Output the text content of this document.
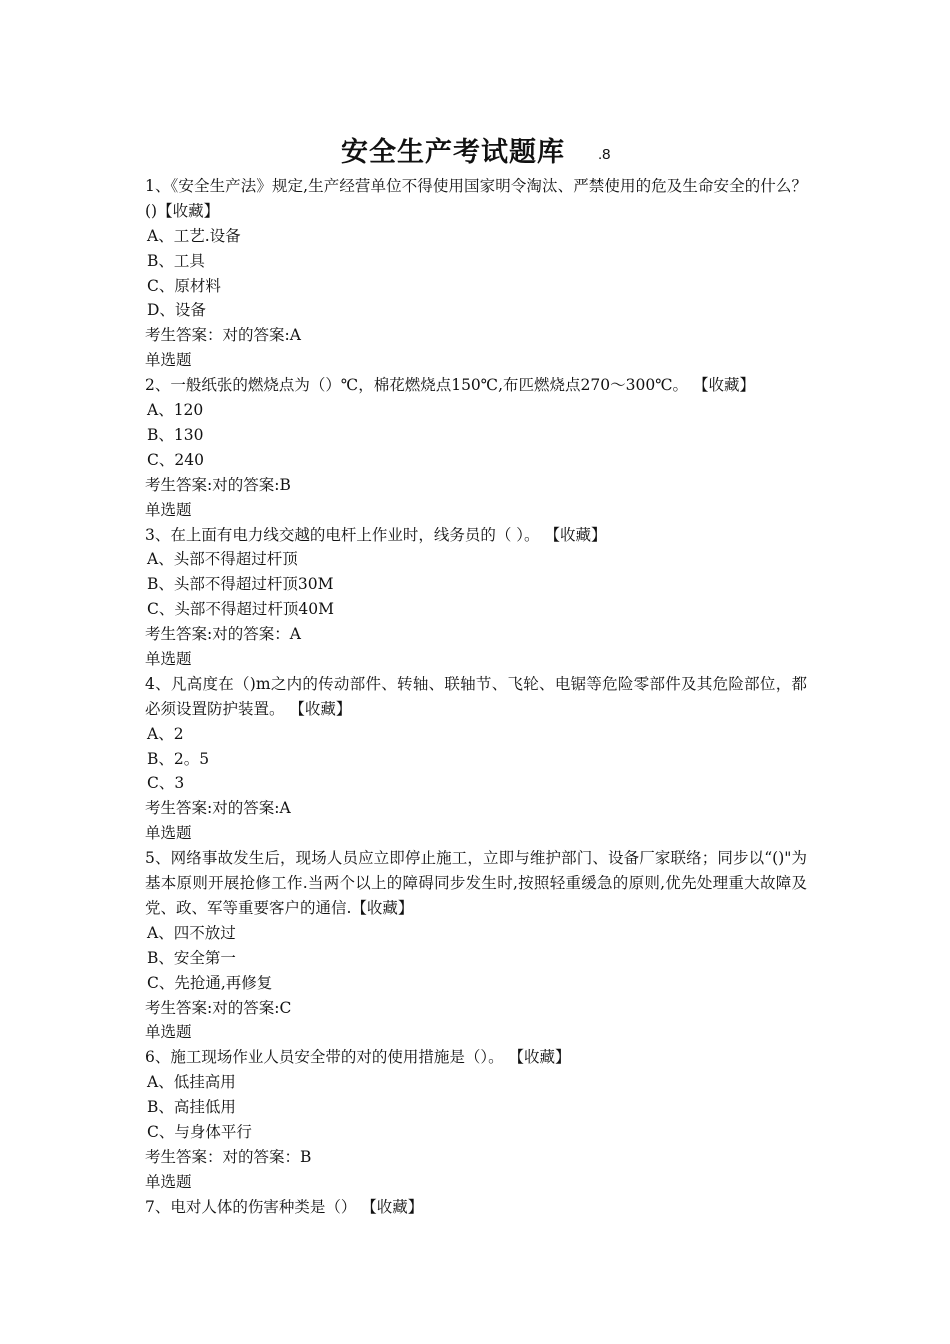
安全生产考试题库 .8
1、《安全生产法》规定,生产经营单位不得使用国家明令淘汰、严禁使用的危及生命安全的什么？()【收藏】
A、工艺.设备
B、工具
C、原材料
D、设备
考生答案：对的答案:A
单选题
2、一般纸张的燃烧点为（）℃，棉花燃烧点150℃,布匹燃烧点270～300℃。 【收藏】
A、120
B、130
C、240
考生答案:对的答案:B
单选题
3、在上面有电力线交越的电杆上作业时，线务员的（ ）。 【收藏】
A、头部不得超过杆顶
B、头部不得超过杆顶30M
C、头部不得超过杆顶40M
考生答案:对的答案：A
单选题
4、凡高度在（)m之内的传动部件、转轴、联轴节、飞轮、电锯等危险零部件及其危险部位，都必须设置防护装置。 【收藏】
A、2
B、2。5
C、3
考生答案:对的答案:A
单选题
5、网络事故发生后，现场人员应立即停止施工，立即与维护部门、设备厂家联络；同步以“()"为基本原则开展抢修工作.当两个以上的障碍同步发生时,按照轻重缓急的原则,优先处理重大故障及党、政、军等重要客户的通信.【收藏】
A、四不放过
B、安全第一
C、先抢通,再修复
考生答案:对的答案:C
单选题
6、施工现场作业人员安全带的对的使用措施是（）。 【收藏】
A、低挂高用
B、高挂低用
C、与身体平行
考生答案：对的答案：B
单选题
7、电对人体的伤害种类是（） 【收藏】
